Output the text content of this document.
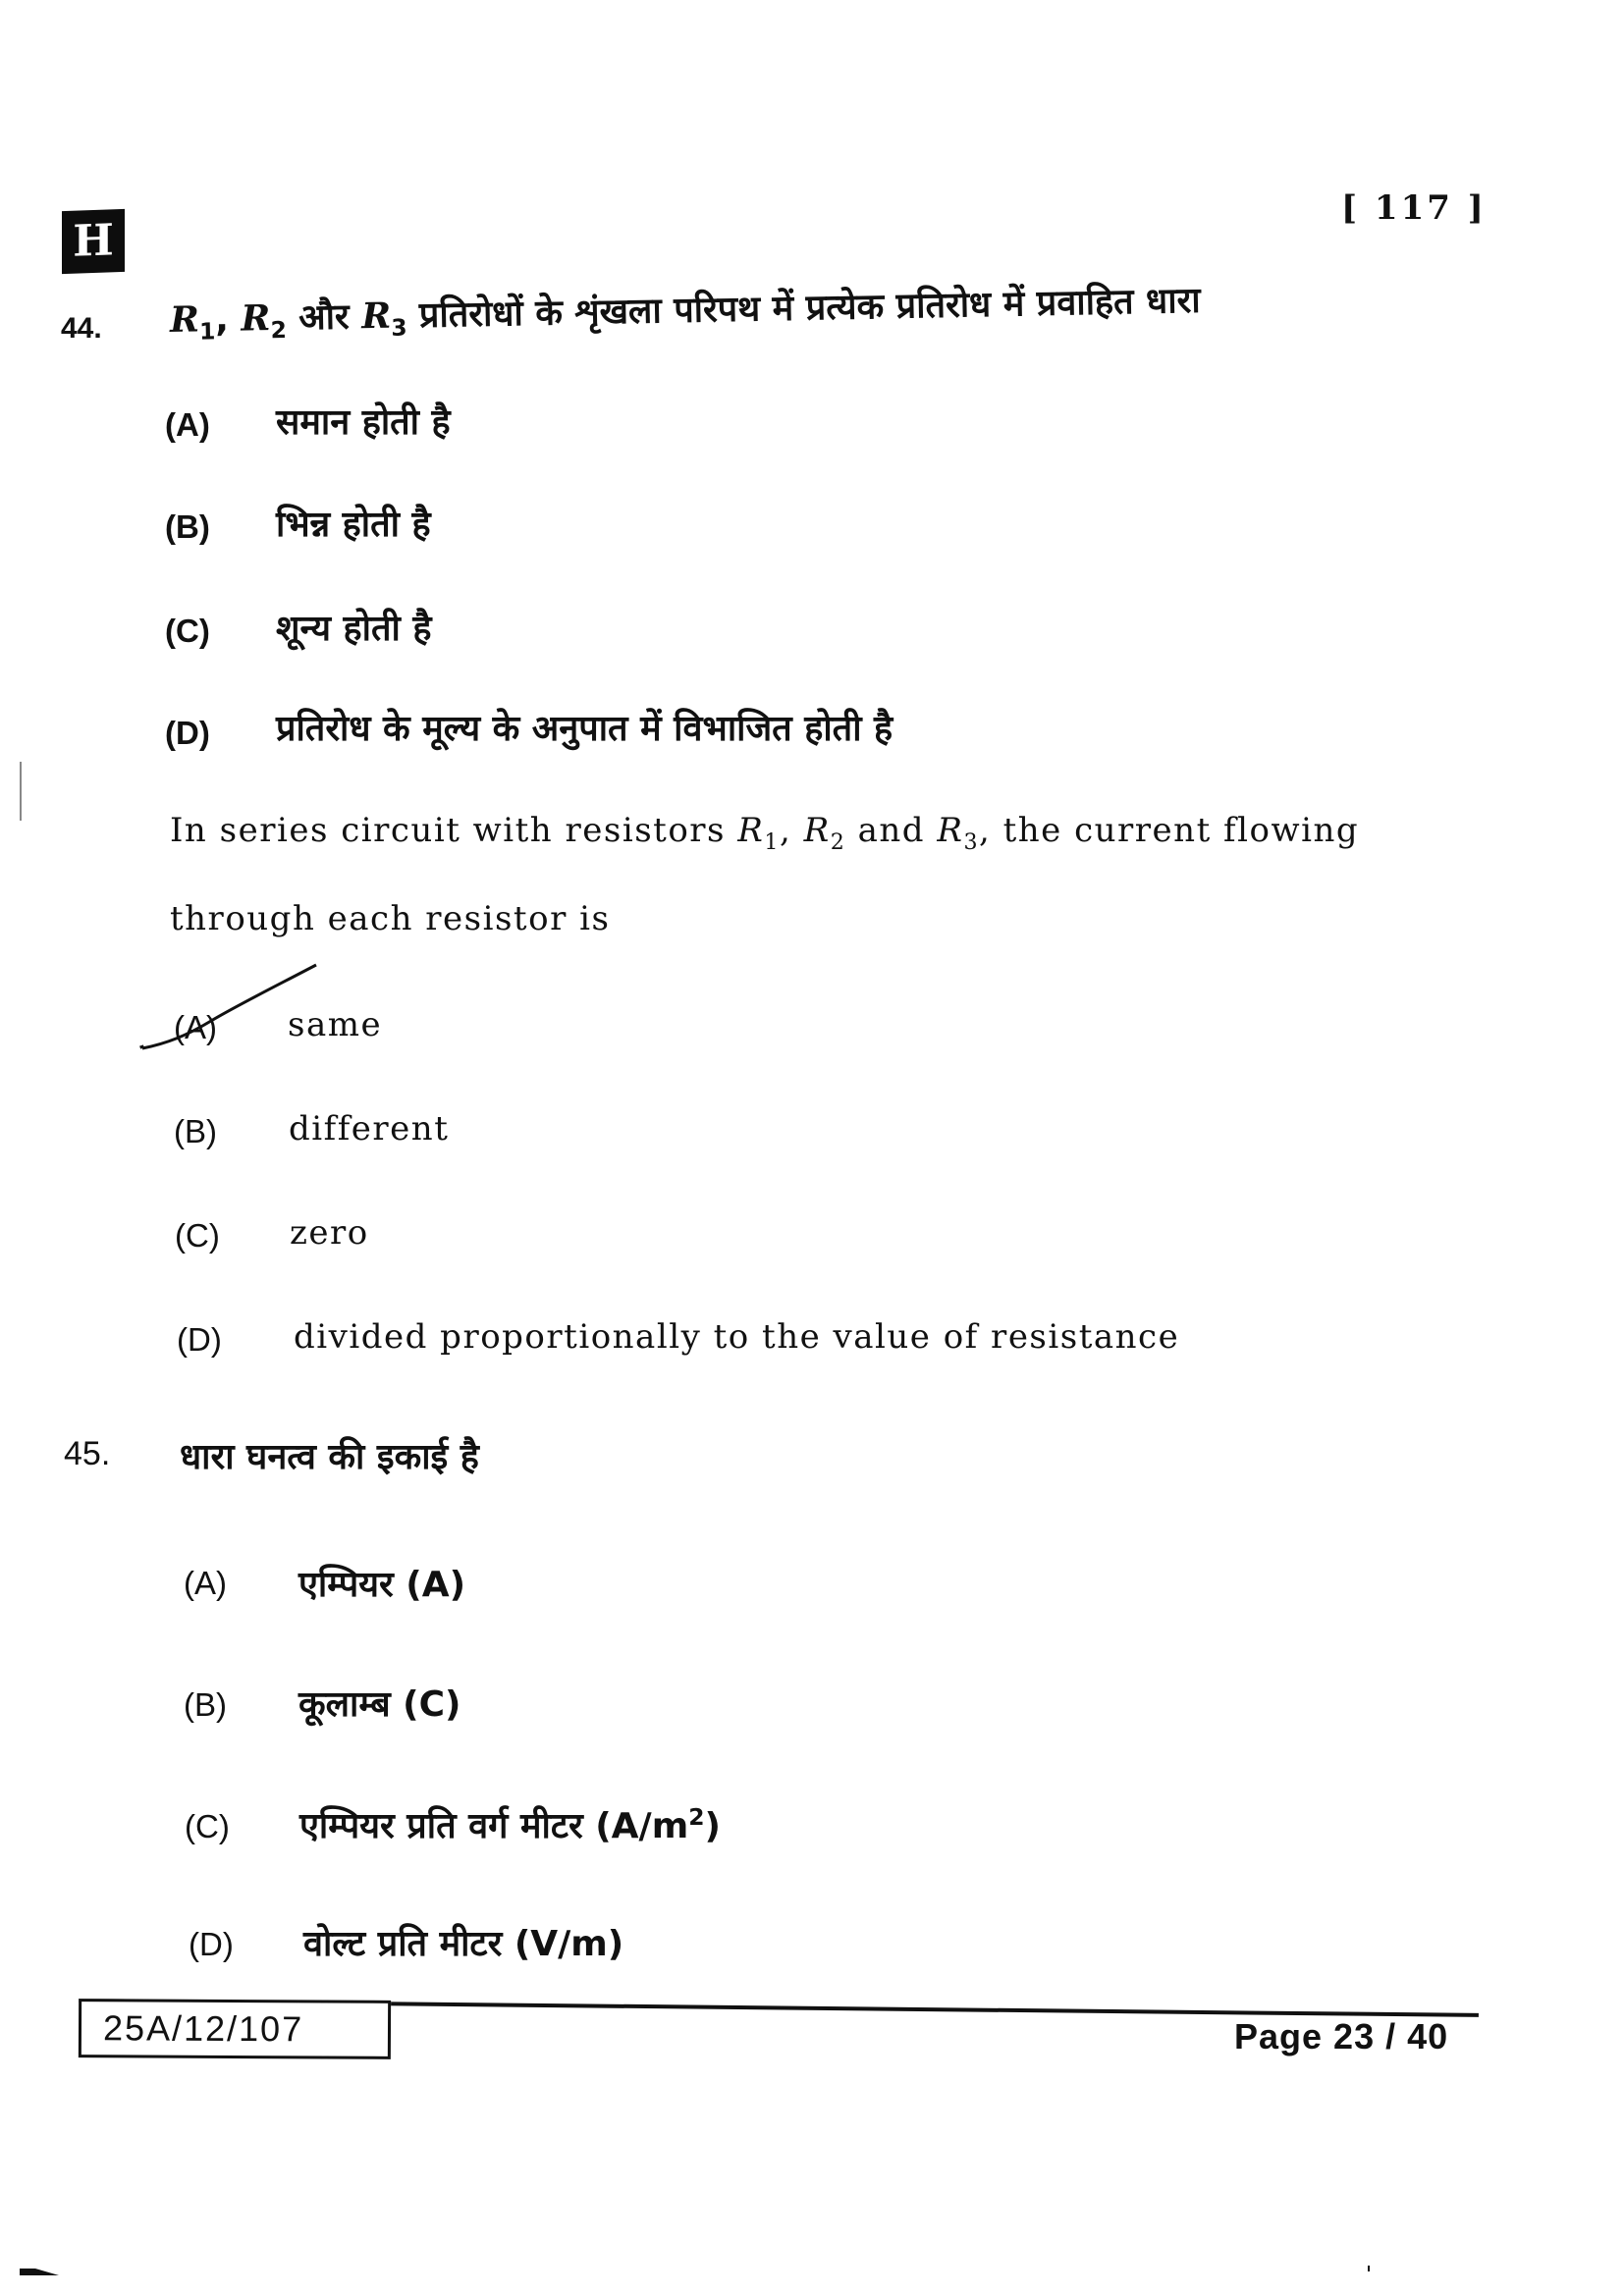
H
[ 117 ]
44. $R_1$, $R_2$ और $R_3$ प्रतिरोधों के शृंखला परिपथ में प्रत्येक प्रतिरोध में प्रवाहित धारा
(A) समान होती है
(B) भिन्न होती है
(C) शून्य होती है
(D) प्रतिरोध के मूल्य के अनुपात में विभाजित होती है
In series circuit with resistors $R_1$, $R_2$ and $R_3$, the current flowing
through each resistor is
(A) same
(B) different
(C) zero
(D) divided proportionally to the value of resistance
45. धारा घनत्व की इकाई है
(A) एम्पियर (A)
(B) कूलाम्ब (C)
(C) एम्पियर प्रति वर्ग मीटर $(A/m^2)$
(D) वोल्ट प्रति मीटर (V/m)
25A/12/107	Page 23 / 40
